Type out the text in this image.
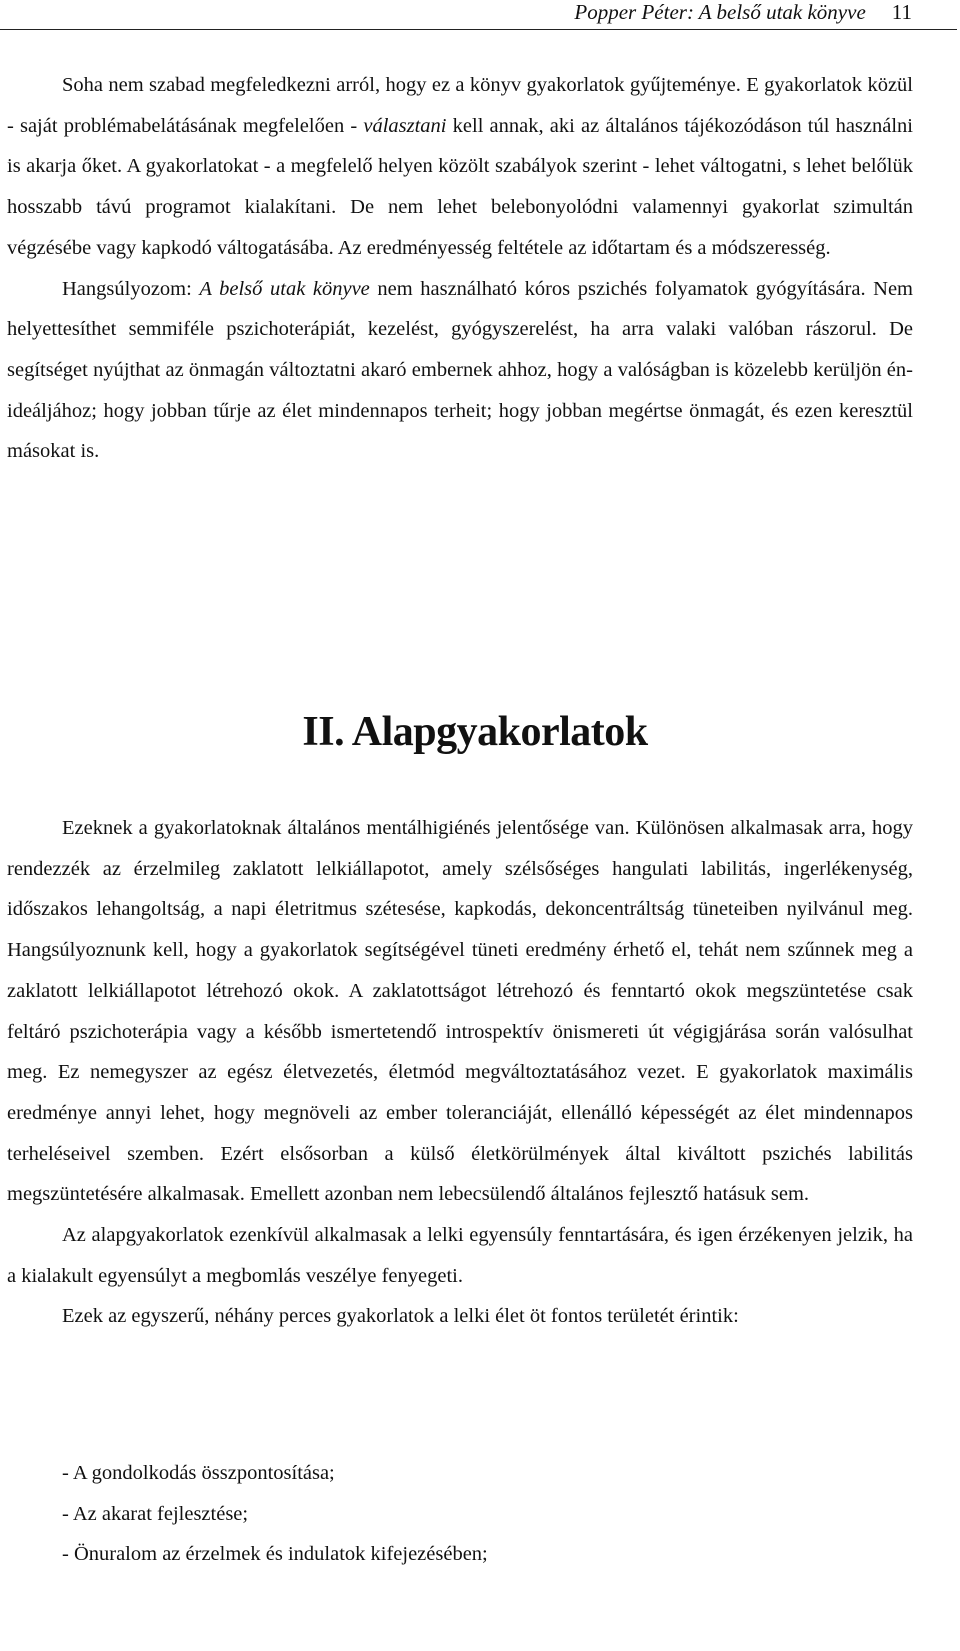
Popper Péter: A belső utak könyve 11

Soha nem szabad megfeledkezni arról, hogy ez a könyv gyakorlatok gyűjteménye. E gyakorlatok közül - saját problémabelátásának megfelelően - választani kell annak, aki az általános tájékozódáson túl használni is akarja őket. A gyakorlatokat - a megfelelő helyen közölt szabályok szerint - lehet váltogatni, s lehet belőlük hosszabb távú programot kialakítani. De nem lehet belebonyolódni valamennyi gyakorlat szimultán végzésébe vagy kapkodó váltogatásába. Az eredményesség feltétele az időtartam és a módszeresség.

Hangsúlyozom: A belső utak könyve nem használható kóros pszichés folyamatok gyógyítására. Nem helyettesíthet semmiféle pszichoterápiát, kezelést, gyógyszerelést, ha arra valaki valóban rászorul. De segítséget nyújthat az önmagán változtatni akaró embernek ahhoz, hogy a valóságban is közelebb kerüljön én-ideáljához; hogy jobban tűrje az élet mindennapos terheit; hogy jobban megértse önmagát, és ezen keresztül másokat is.

II. Alapgyakorlatok

Ezeknek a gyakorlatoknak általános mentálhigiénés jelentősége van. Különösen alkalmasak arra, hogy rendezzék az érzelmileg zaklatott lelkiállapotot, amely szélsőséges hangulati labilitás, ingerlékenység, időszakos lehangoltság, a napi életritmus szétesése, kapkodás, dekoncentráltság tüneteiben nyilvánul meg. Hangsúlyoznunk kell, hogy a gyakorlatok segítségével tüneti eredmény érhető el, tehát nem szűnnek meg a zaklatott lelkiállapotot létrehozó okok. A zaklatottságot létrehozó és fenntartó okok megszüntetése csak feltáró pszichoterápia vagy a később ismertetendő introspektív önismereti út végigjárása során valósulhat meg. Ez nemegyszer az egész életvezetés, életmód megváltoztatásához vezet. E gyakorlatok maximális eredménye annyi lehet, hogy megnöveli az ember toleranciáját, ellenálló képességét az élet mindennapos terheléseivel szemben. Ezért elsősorban a külső életkörülmények által kiváltott pszichés labilitás megszüntetésére alkalmasak. Emellett azonban nem lebecsülendő általános fejlesztő hatásuk sem.

Az alapgyakorlatok ezenkívül alkalmasak a lelki egyensúly fenntartására, és igen érzékenyen jelzik, ha a kialakult egyensúlyt a megbomlás veszélye fenyegeti.

Ezek az egyszerű, néhány perces gyakorlatok a lelki élet öt fontos területét érintik:

- A gondolkodás összpontosítása;
- Az akarat fejlesztése;
- Önuralom az érzelmek és indulatok kifejezésében;
